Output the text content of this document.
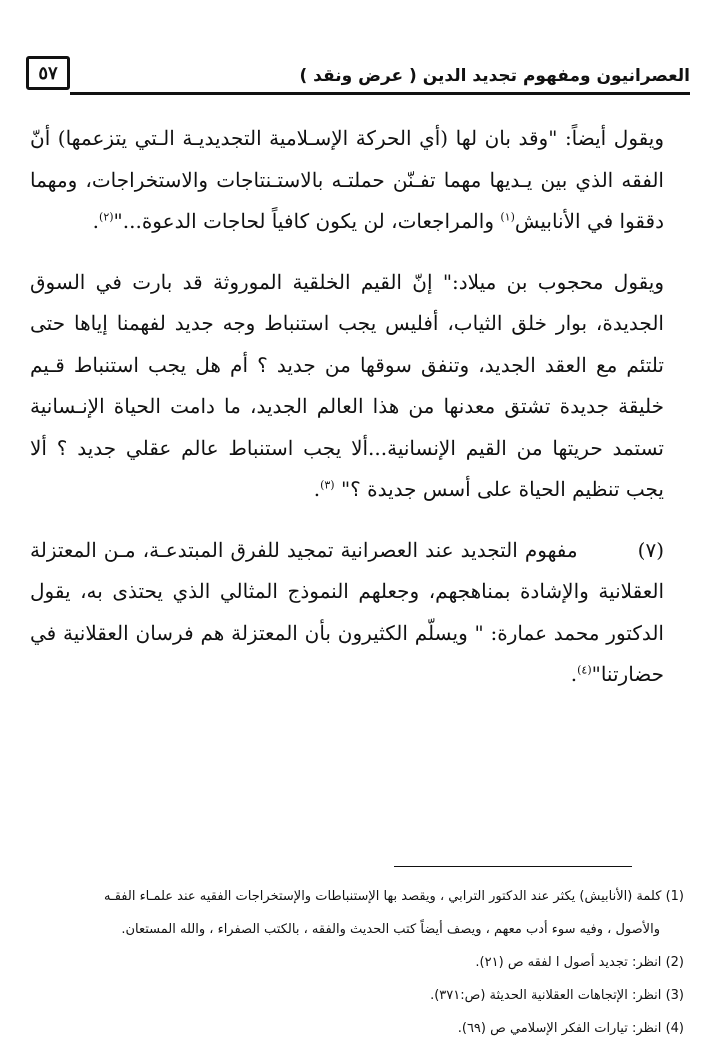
٥٧	العصرانيون ومفهوم تجديد الدين ( عرض ونقد )

ويقول أيضاً: "وقد بان لها (أي الحركة الإسـلامية التجديديـة الـتي يتزعمها) أنّ الفقه الذي بين يـديها مهما تفـنّن حملتـه بالاستـنتاجات والاستخراجات، ومهما دققوا في الأنابيش$^{(١)}$ والمراجعات، لن يكون كافياً لحاجات الدعوة..."$^{(٢)}$.

ويقول محجوب بن ميلاد:" إنّ القيم الخلقية الموروثة قد بارت في السوق الجديدة، بوار خلق الثياب، أفليس يجب استنباط وجه جديد لفهمنا إياها حتى تلتئم مع العقد الجديد، وتنفق سوقها من جديد ؟ أم هل يجب استنباط قـيم خليقة جديدة تشتق معدنها من هذا العالم الجديد، ما دامت الحياة الإنـسانية تستمد حريتها من القيم الإنسانية...ألا يجب استنباط عالم عقلي جديد ؟ ألا يجب تنظيم الحياة على أسس جديدة ؟" $^{(٣)}$.

(٧)مفهوم التجديد عند العصرانية تمجيد للفرق المبتدعـة، مـن المعتزلة العقلانية والإشادة بمناهجهم، وجعلهم النموذج المثالي الذي يحتذى به، يقول الدكتور محمد عمارة: " ويسلّم الكثيرون بأن المعتزلة هم فرسان العقلانية في حضارتنا"$^{(٤)}$.

(1) كلمة (الأنابيش) يكثر عند الدكتور الترابي ، ويقصد بها الإستنباطات والإستخراجات الفقيه عند علمـاء الفقـه

والأصول ، وفيه سوء أدب معهم ، ويصف أيضاً كتب الحديث والفقه ، بالكتب الصفراء ، والله المستعان.

(2) انظر: تجديد أصول ا لفقه ص (٢١).

(3) انظر: الإتجاهات العقلانية الحديثة (ص:٣٧١).

(4) انظر: تيارات الفكر الإسلامي ص (٦٩).
